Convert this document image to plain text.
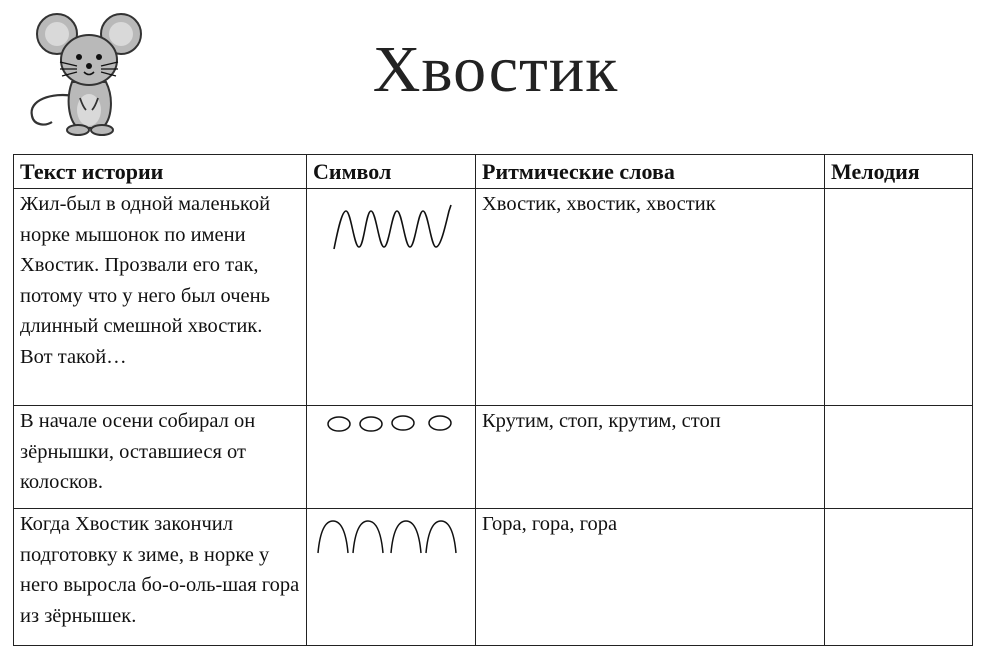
Хвостик
Текст истории	Символ	Ритмические слова	Мелодия
Жил-был в одной маленькой норке мышонок по имени Хвостик. Прозвали его так, потому что у него был очень длинный смешной хвостик. Вот такой…		Хвостик, хвостик, хвостик	
В начале осени собирал он зёрнышки, оставшиеся от колосков.		Крутим, стоп, крутим, стоп	
Когда Хвостик закончил подготовку к зиме, в норке у него выросла бо-о-оль-шая гора из зёрнышек.		Гора, гора, гора	
